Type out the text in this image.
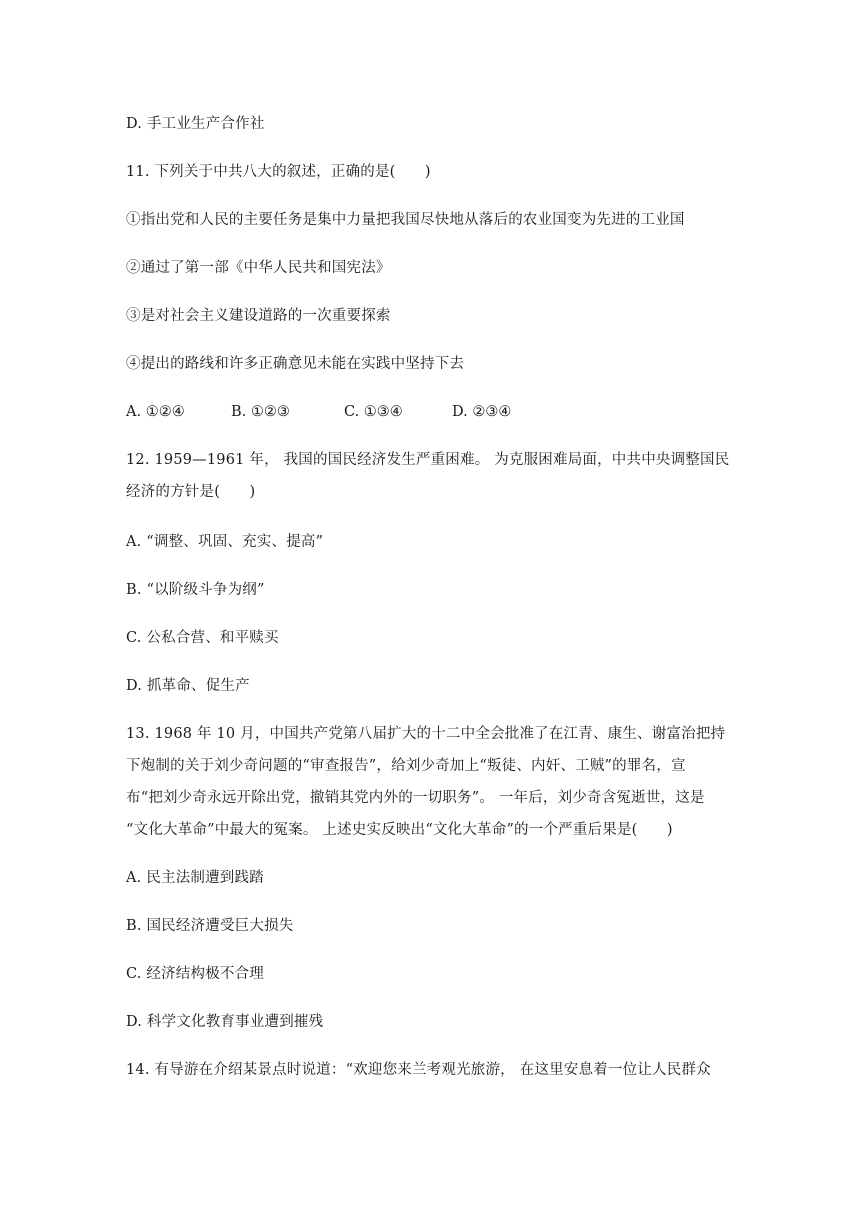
D. 手工业生产合作社
11. 下列关于中共八大的叙述，正确的是(　　)
①指出党和人民的主要任务是集中力量把我国尽快地从落后的农业国变为先进的工业国
②通过了第一部《中华人民共和国宪法》
③是对社会主义建设道路的一次重要探索
④提出的路线和许多正确意见未能在实践中坚持下去
A. ①②④	B. ①②③	C. ①③④	D. ②③④
12. 1959—1961 年， 我国的国民经济发生严重困难。 为克服困难局面，中共中央调整国民
经济的方针是(　　)
A. “调整、巩固、充实、提高”
B. “以阶级斗争为纲”
C. 公私合营、和平赎买
D. 抓革命、促生产
13. 1968 年 10 月，中国共产党第八届扩大的十二中全会批准了在江青、康生、谢富治把持
下炮制的关于刘少奇问题的“审查报告”，给刘少奇加上“叛徒、内奸、工贼”的罪名，宣
布“把刘少奇永远开除出党，撤销其党内外的一切职务”。 一年后，刘少奇含冤逝世，这是
“文化大革命”中最大的冤案。 上述史实反映出“文化大革命”的一个严重后果是(　　)
A. 民主法制遭到践踏
B. 国民经济遭受巨大损失
C. 经济结构极不合理
D. 科学文化教育事业遭到摧残
14. 有导游在介绍某景点时说道：“欢迎您来兰考观光旅游， 在这里安息着一位让人民群众
